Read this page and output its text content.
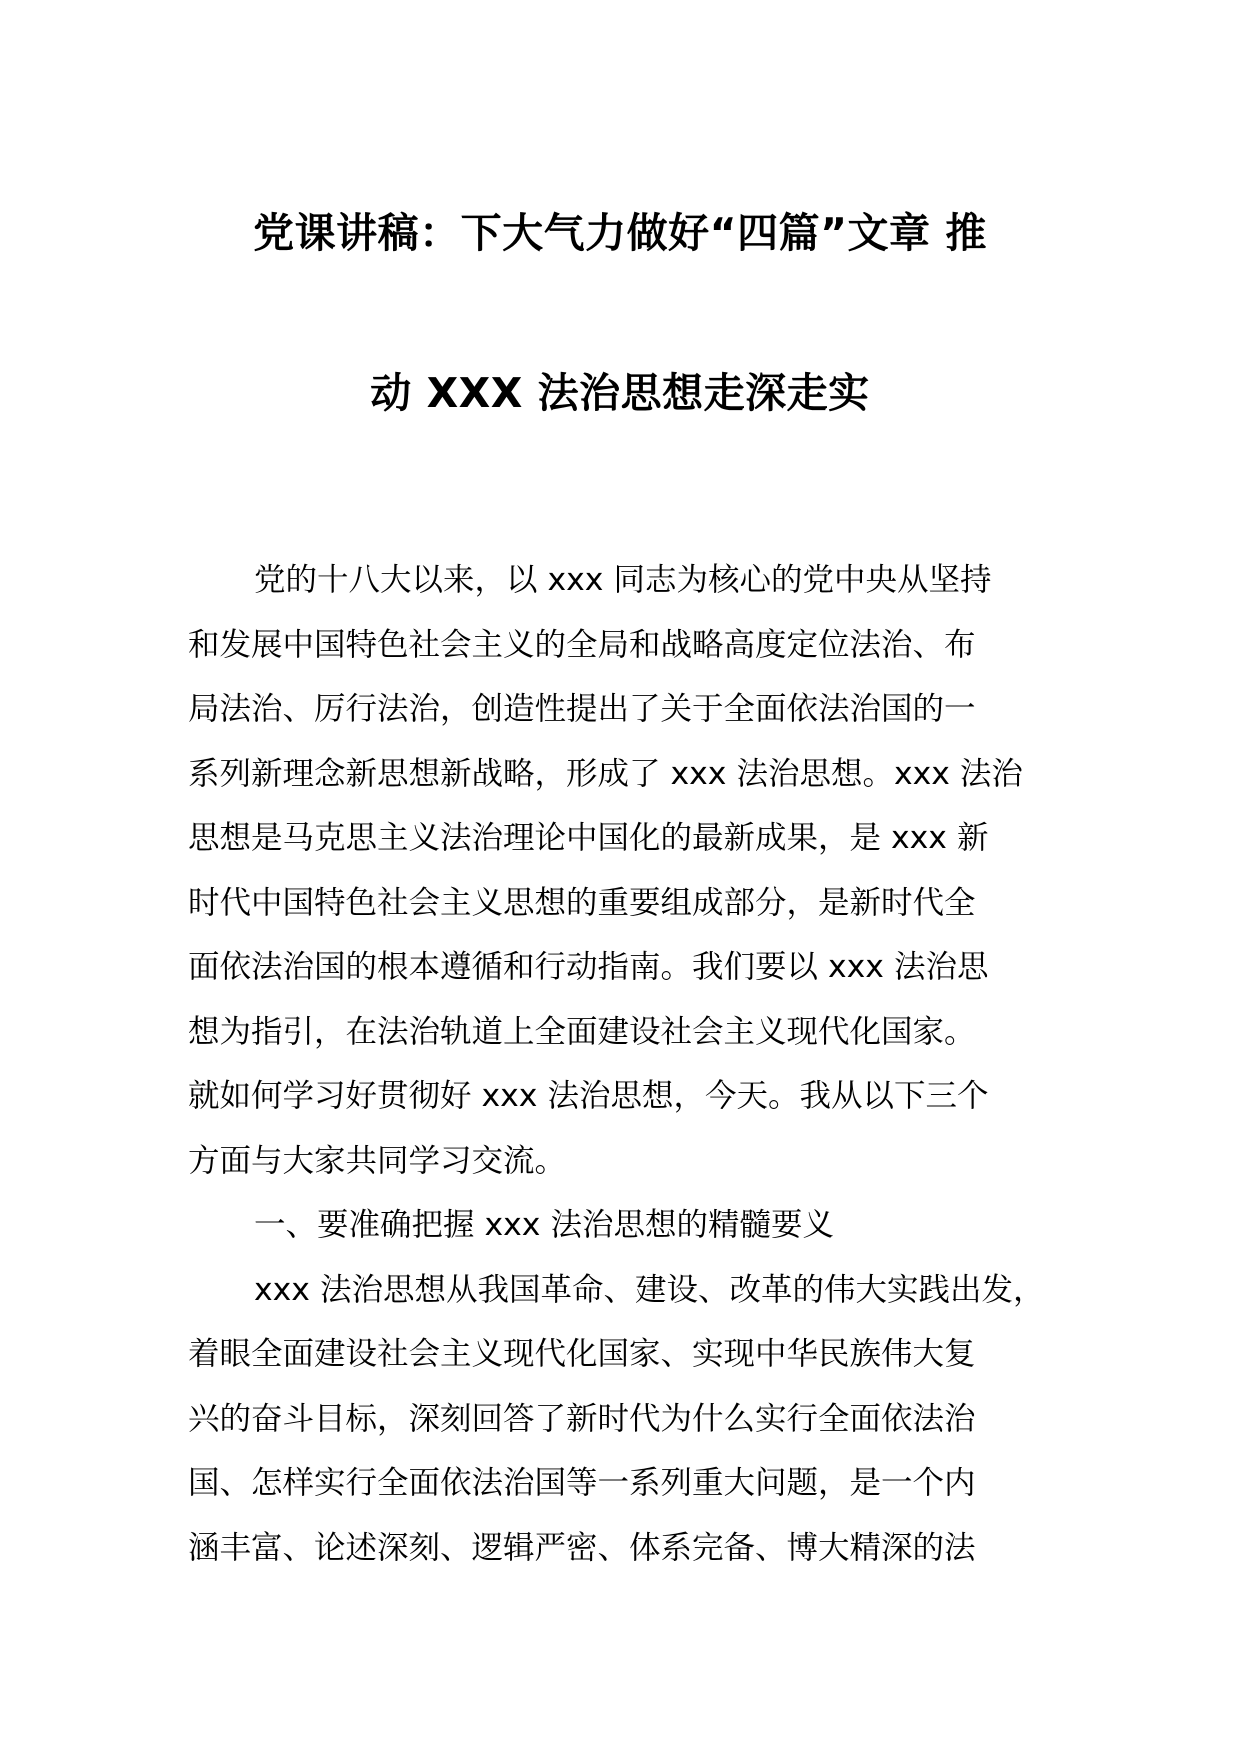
党课讲稿：下大气力做好“四篇”文章 推
动 XXX 法治思想走深走实
党的十八大以来，以 xxx 同志为核心的党中央从坚持
和发展中国特色社会主义的全局和战略高度定位法治、布
局法治、厉行法治，创造性提出了关于全面依法治国的一
系列新理念新思想新战略，形成了 xxx 法治思想。xxx 法治
思想是马克思主义法治理论中国化的最新成果，是 xxx 新
时代中国特色社会主义思想的重要组成部分，是新时代全
面依法治国的根本遵循和行动指南。我们要以 xxx 法治思
想为指引，在法治轨道上全面建设社会主义现代化国家。
就如何学习好贯彻好 xxx 法治思想，今天。我从以下三个
方面与大家共同学习交流。
一、要准确把握 xxx 法治思想的精髓要义
xxx 法治思想从我国革命、建设、改革的伟大实践出发，
着眼全面建设社会主义现代化国家、实现中华民族伟大复
兴的奋斗目标，深刻回答了新时代为什么实行全面依法治
国、怎样实行全面依法治国等一系列重大问题，是一个内
涵丰富、论述深刻、逻辑严密、体系完备、博大精深的法
